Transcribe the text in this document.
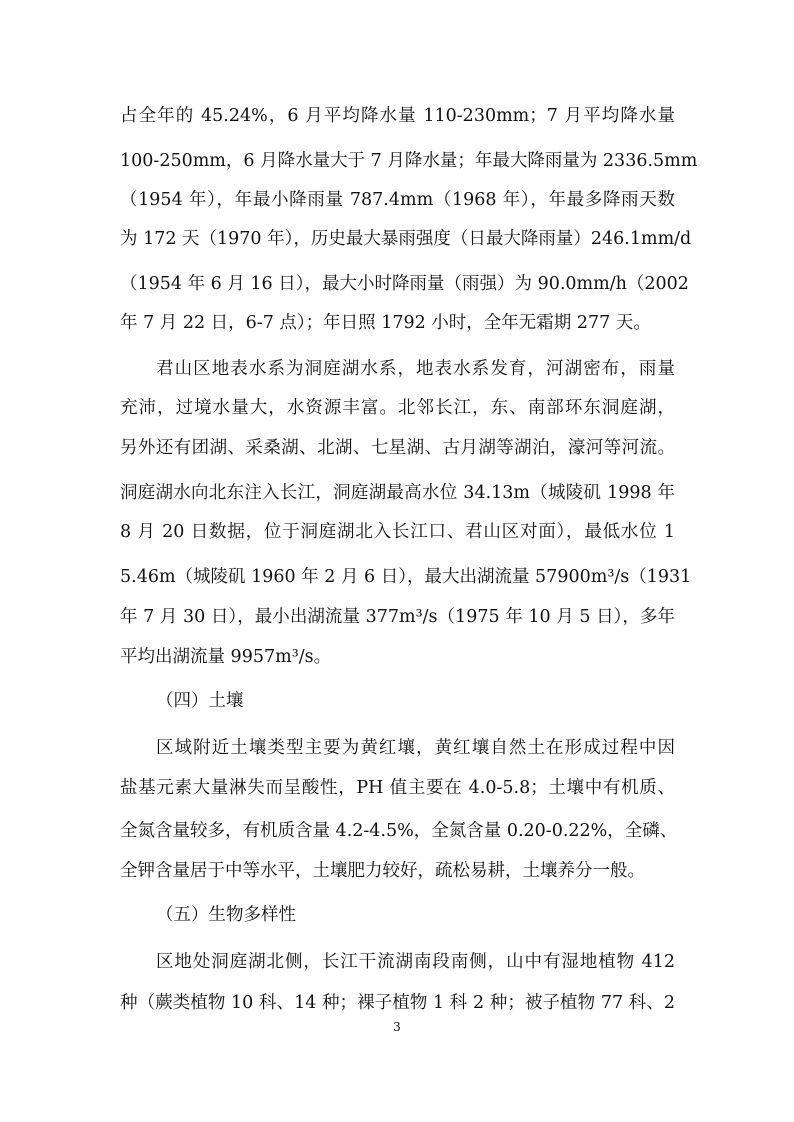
占全年的 45.24%，6 月平均降水量 110-230mm；7 月平均降水量
100-250mm，6 月降水量大于 7 月降水量；年最大降雨量为 2336.5mm
（1954 年），年最小降雨量 787.4mm（1968 年），年最多降雨天数
为 172 天（1970 年），历史最大暴雨强度（日最大降雨量）246.1mm/d
（1954 年 6 月 16 日），最大小时降雨量（雨强）为 90.0mm/h（2002
年 7 月 22 日，6-7 点）；年日照 1792 小时，全年无霜期 277 天。
君山区地表水系为洞庭湖水系，地表水系发育，河湖密布，雨量
充沛，过境水量大，水资源丰富。北邻长江，东、南部环东洞庭湖，
另外还有团湖、采桑湖、北湖、七星湖、古月湖等湖泊，濠河等河流。
洞庭湖水向北东注入长江，洞庭湖最高水位 34.13m（城陵矶 1998 年
8 月 20 日数据，位于洞庭湖北入长江口、君山区对面），最低水位 1
5.46m（城陵矶 1960 年 2 月 6 日），最大出湖流量 57900m³/s（1931
年 7 月 30 日），最小出湖流量 377m³/s（1975 年 10 月 5 日），多年
平均出湖流量 9957m³/s。
（四）土壤
区域附近土壤类型主要为黄红壤，黄红壤自然土在形成过程中因
盐基元素大量淋失而呈酸性，PH 值主要在 4.0-5.8；土壤中有机质、
全氮含量较多，有机质含量 4.2-4.5%，全氮含量 0.20-0.22%，全磷、
全钾含量居于中等水平，土壤肥力较好，疏松易耕，土壤养分一般。
（五）生物多样性
区地处洞庭湖北侧，长江干流湖南段南侧，山中有湿地植物 412
种（蕨类植物 10 科、14 种；裸子植物 1 科 2 种；被子植物 77 科、2
3
